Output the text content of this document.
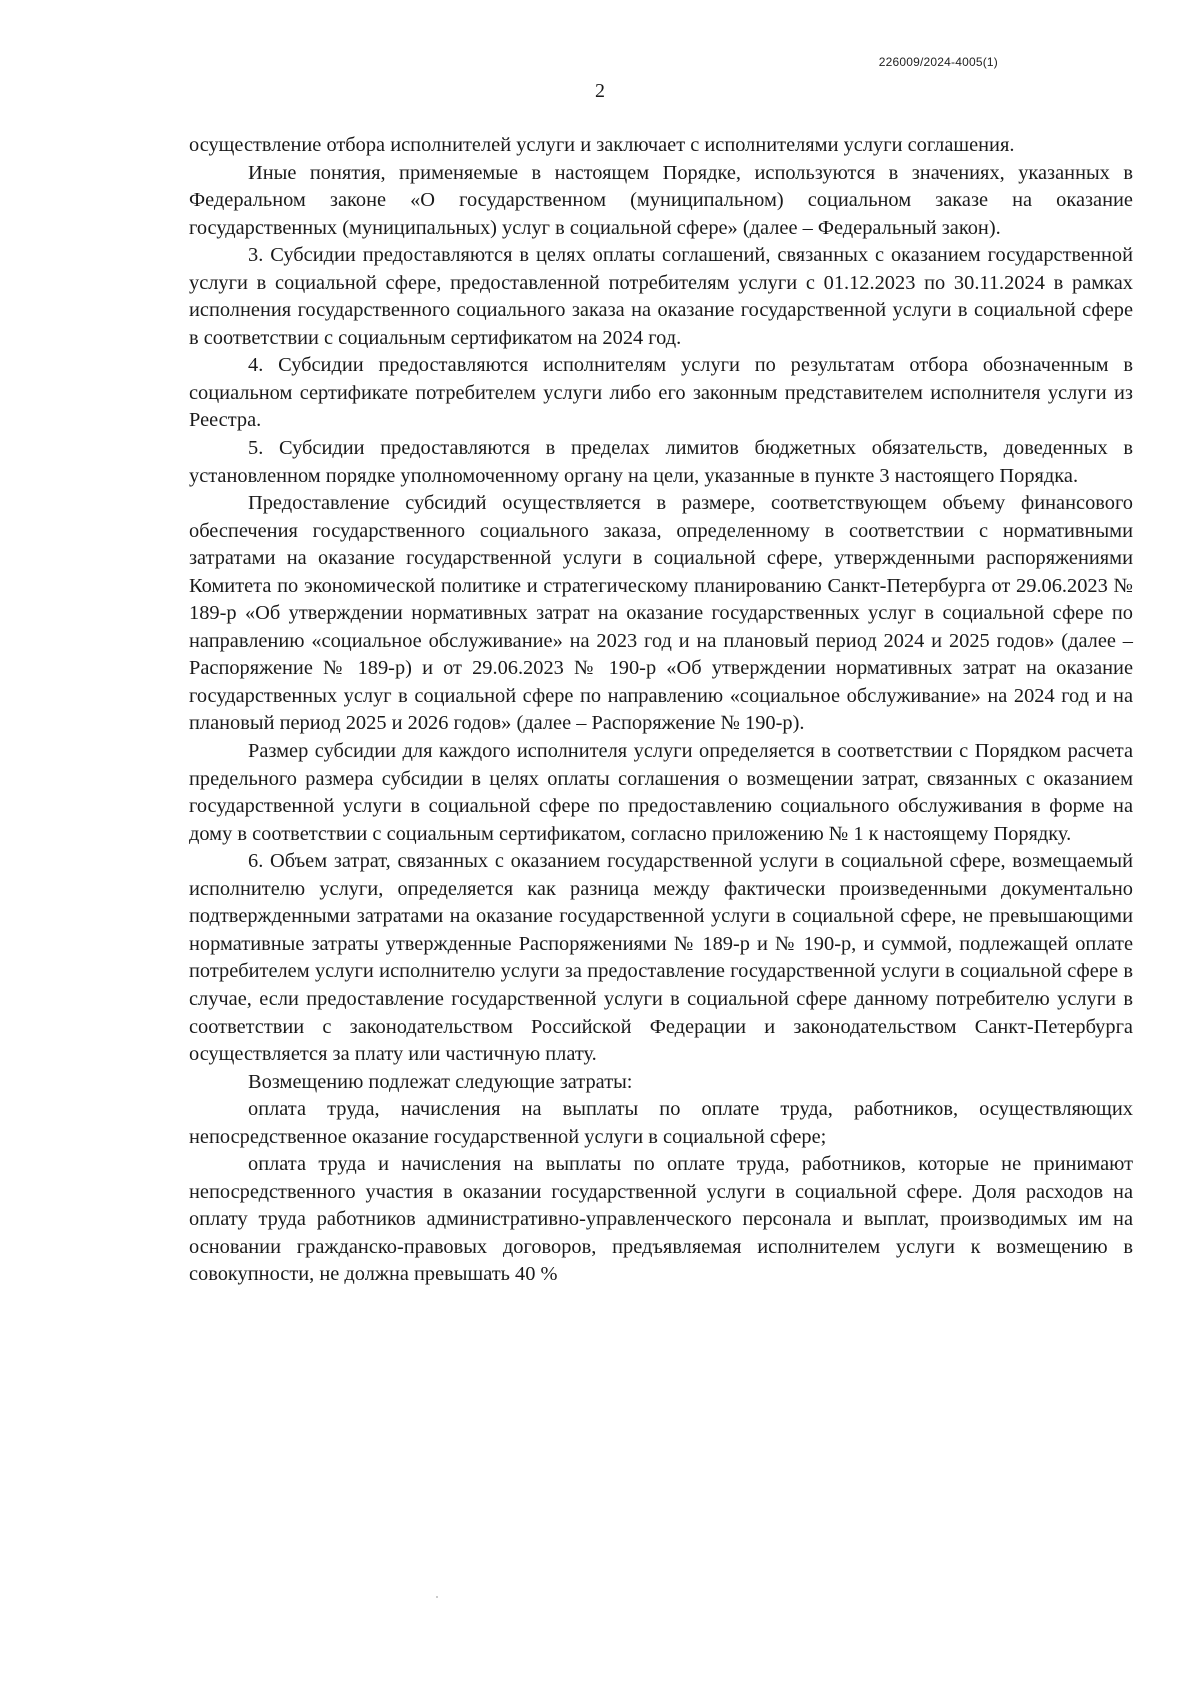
226009/2024-4005(1)
2

осуществление отбора исполнителей услуги и заключает с исполнителями услуги соглашения.

Иные понятия, применяемые в настоящем Порядке, используются в значениях, указанных в Федеральном законе «О государственном (муниципальном) социальном заказе на оказание государственных (муниципальных) услуг в социальной сфере» (далее – Федеральный закон).

3. Субсидии предоставляются в целях оплаты соглашений, связанных с оказанием государственной услуги в социальной сфере, предоставленной потребителям услуги с 01.12.2023 по 30.11.2024 в рамках исполнения государственного социального заказа на оказание государственной услуги в социальной сфере в соответствии с социальным сертификатом на 2024 год.

4. Субсидии предоставляются исполнителям услуги по результатам отбора обозначенным в социальном сертификате потребителем услуги либо его законным представителем исполнителя услуги из Реестра.

5. Субсидии предоставляются в пределах лимитов бюджетных обязательств, доведенных в установленном порядке уполномоченному органу на цели, указанные в пункте 3 настоящего Порядка.

Предоставление субсидий осуществляется в размере, соответствующем объему финансового обеспечения государственного социального заказа, определенному в соответствии с нормативными затратами на оказание государственной услуги в социальной сфере, утвержденными распоряжениями Комитета по экономической политике и стратегическому планированию Санкт-Петербурга от 29.06.2023 № 189-р «Об утверждении нормативных затрат на оказание государственных услуг в социальной сфере по направлению «социальное обслуживание» на 2023 год и на плановый период 2024 и 2025 годов» (далее – Распоряжение № 189-р) и от 29.06.2023 № 190-р «Об утверждении нормативных затрат на оказание государственных услуг в социальной сфере по направлению «социальное обслуживание» на 2024 год и на плановый период 2025 и 2026 годов» (далее – Распоряжение № 190-р).

Размер субсидии для каждого исполнителя услуги определяется в соответствии с Порядком расчета предельного размера субсидии в целях оплаты соглашения о возмещении затрат, связанных с оказанием государственной услуги в социальной сфере по предоставлению социального обслуживания в форме на дому в соответствии с социальным сертификатом, согласно приложению № 1 к настоящему Порядку.

6. Объем затрат, связанных с оказанием государственной услуги в социальной сфере, возмещаемый исполнителю услуги, определяется как разница между фактически произведенными документально подтвержденными затратами на оказание государственной услуги в социальной сфере, не превышающими нормативные затраты утвержденные Распоряжениями № 189-р и № 190-р, и суммой, подлежащей оплате потребителем услуги исполнителю услуги за предоставление государственной услуги в социальной сфере в случае, если предоставление государственной услуги в социальной сфере данному потребителю услуги в соответствии с законодательством Российской Федерации и законодательством Санкт-Петербурга осуществляется за плату или частичную плату.

Возмещению подлежат следующие затраты:

оплата труда, начисления на выплаты по оплате труда, работников, осуществляющих непосредственное оказание государственной услуги в социальной сфере;

оплата труда и начисления на выплаты по оплате труда, работников, которые не принимают непосредственного участия в оказании государственной услуги в социальной сфере. Доля расходов на оплату труда работников административно-управленческого персонала и выплат, производимых им на основании гражданско-правовых договоров, предъявляемая исполнителем услуги к возмещению в совокупности, не должна превышать 40 %
